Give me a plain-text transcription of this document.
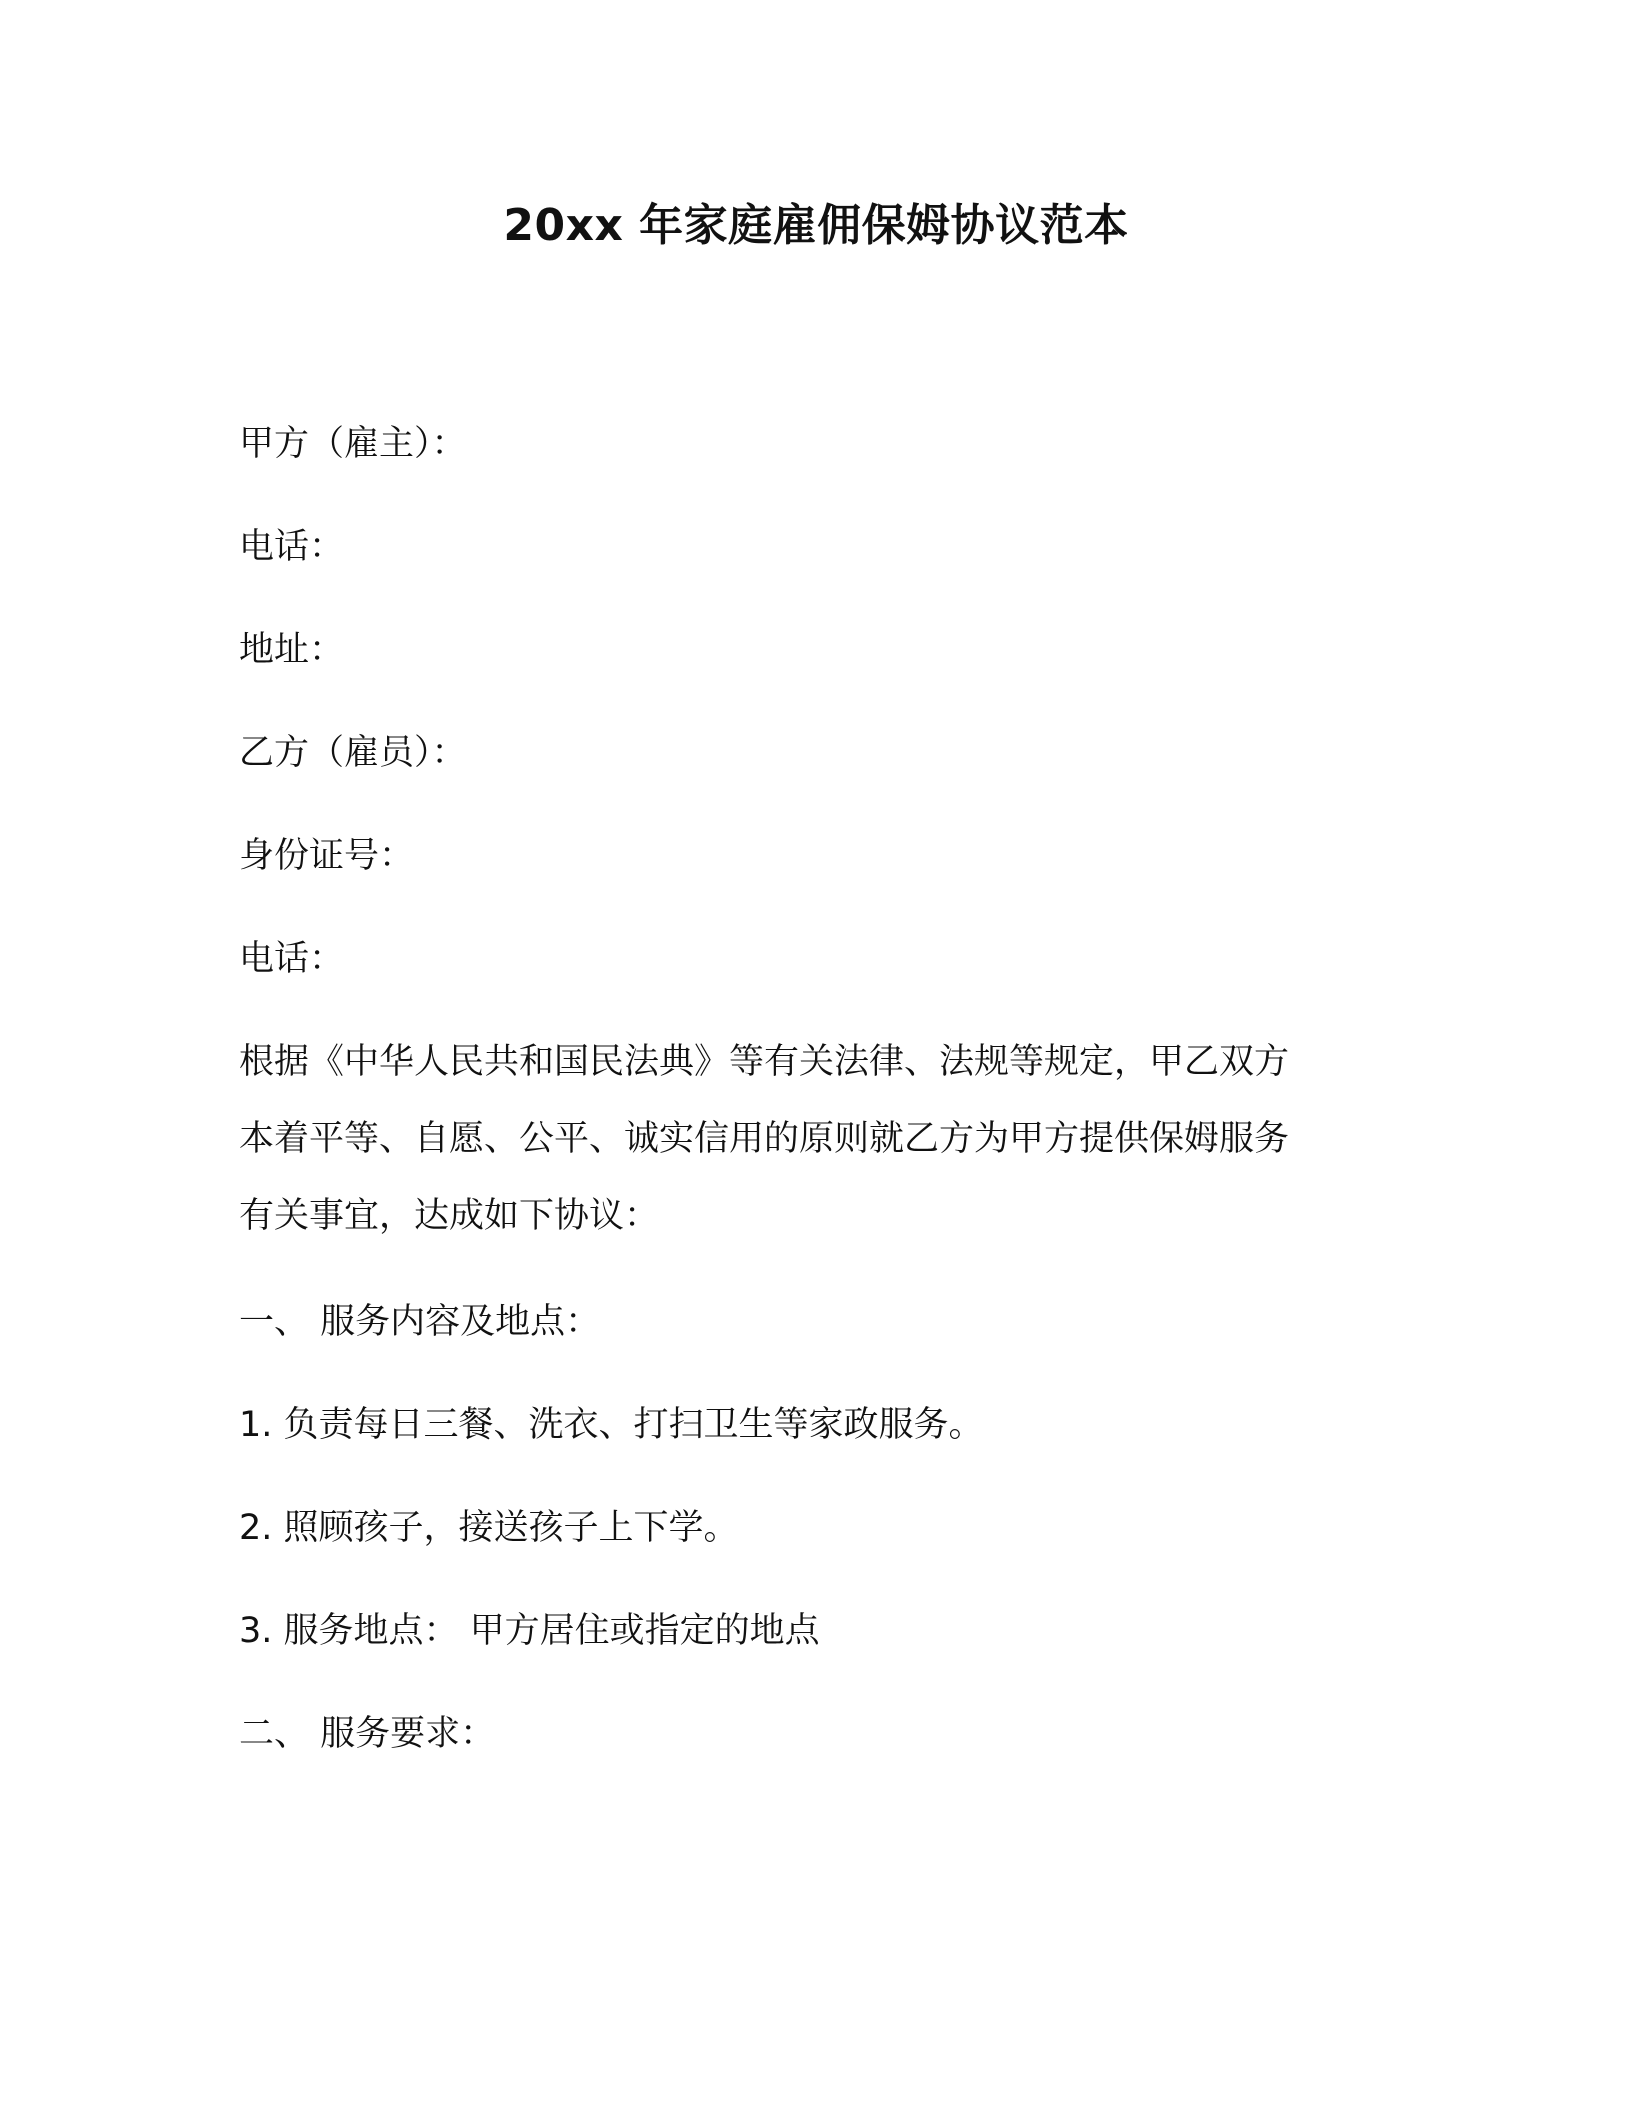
20xx 年家庭雇佣保姆协议范本

甲方（雇主）：

电话：

地址：

乙方（雇员）：

身份证号：

电话：

根据《中华人民共和国民法典》等有关法律、法规等规定，甲乙双方
本着平等、自愿、公平、诚实信用的原则就乙方为甲方提供保姆服务
有关事宜，达成如下协议：

一、 服务内容及地点：

1. 负责每日三餐、洗衣、打扫卫生等家政服务。

2. 照顾孩子，接送孩子上下学。

3. 服务地点： 甲方居住或指定的地点

二、 服务要求：
